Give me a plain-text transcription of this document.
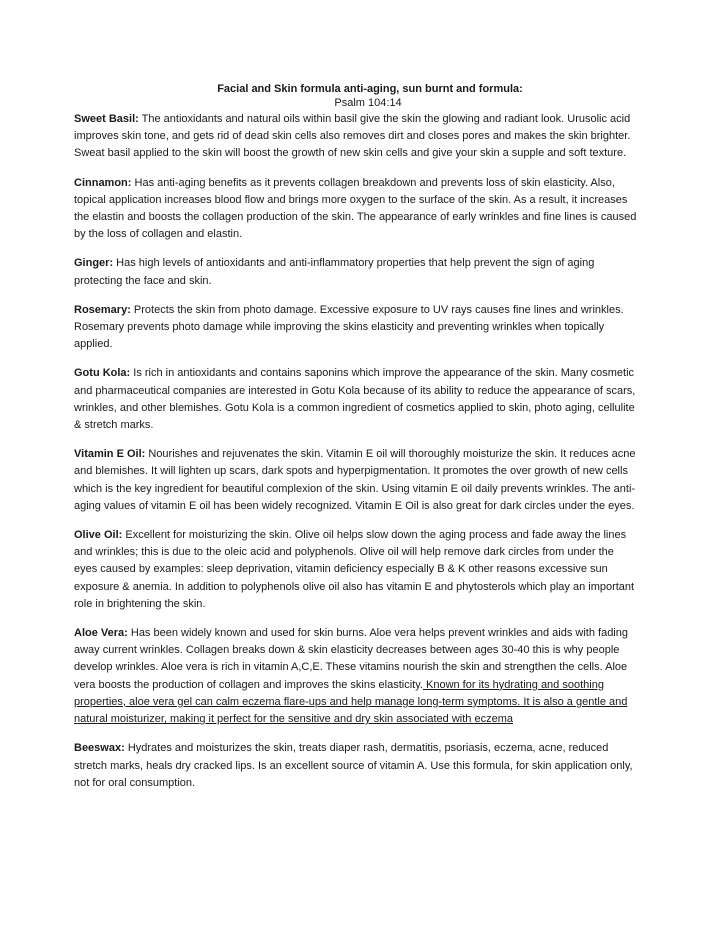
Facial and Skin formula anti-aging, sun burnt and formula:
Psalm 104:14

Sweet Basil: The antioxidants and natural oils within basil give the skin the glowing and radiant look. Urusolic acid improves skin tone, and gets rid of dead skin cells also removes dirt and closes pores and makes the skin brighter. Sweat basil applied to the skin will boost the growth of new skin cells and give your skin a supple and soft texture.

Cinnamon: Has anti-aging benefits as it prevents collagen breakdown and prevents loss of skin elasticity. Also, topical application increases blood flow and brings more oxygen to the surface of the skin. As a result, it increases the elastin and boosts the collagen production of the skin. The appearance of early wrinkles and fine lines is caused by the loss of collagen and elastin.

Ginger: Has high levels of antioxidants and anti-inflammatory properties that help prevent the sign of aging protecting the face and skin.

Rosemary: Protects the skin from photo damage. Excessive exposure to UV rays causes fine lines and wrinkles. Rosemary prevents photo damage while improving the skins elasticity and preventing wrinkles when topically applied.

Gotu Kola: Is rich in antioxidants and contains saponins which improve the appearance of the skin. Many cosmetic and pharmaceutical companies are interested in Gotu Kola because of its ability to reduce the appearance of scars, wrinkles, and other blemishes. Gotu Kola is a common ingredient of cosmetics applied to skin, photo aging, cellulite & stretch marks.

Vitamin E Oil: Nourishes and rejuvenates the skin. Vitamin E oil will thoroughly moisturize the skin. It reduces acne and blemishes. It will lighten up scars, dark spots and hyperpigmentation. It promotes the over growth of new cells which is the key ingredient for beautiful complexion of the skin. Using vitamin E oil daily prevents wrinkles. The anti-aging values of vitamin E oil has been widely recognized. Vitamin E Oil is also great for dark circles under the eyes.

Olive Oil: Excellent for moisturizing the skin. Olive oil helps slow down the aging process and fade away the lines and wrinkles; this is due to the oleic acid and polyphenols. Olive oil will help remove dark circles from under the eyes caused by examples: sleep deprivation, vitamin deficiency especially B & K other reasons excessive sun exposure & anemia. In addition to polyphenols olive oil also has vitamin E and phytosterols which play an important role in brightening the skin.

Aloe Vera: Has been widely known and used for skin burns. Aloe vera helps prevent wrinkles and aids with fading away current wrinkles. Collagen breaks down & skin elasticity decreases between ages 30-40 this is why people develop wrinkles. Aloe vera is rich in vitamin A,C,E. These vitamins nourish the skin and strengthen the cells. Aloe vera boosts the production of collagen and improves the skins elasticity. Known for its hydrating and soothing properties, aloe vera gel can calm eczema flare-ups and help manage long-term symptoms. It is also a gentle and natural moisturizer, making it perfect for the sensitive and dry skin associated with eczema

Beeswax: Hydrates and moisturizes the skin, treats diaper rash, dermatitis, psoriasis, eczema, acne, reduced stretch marks, heals dry cracked lips. Is an excellent source of vitamin A. Use this formula, for skin application only, not for oral consumption.
